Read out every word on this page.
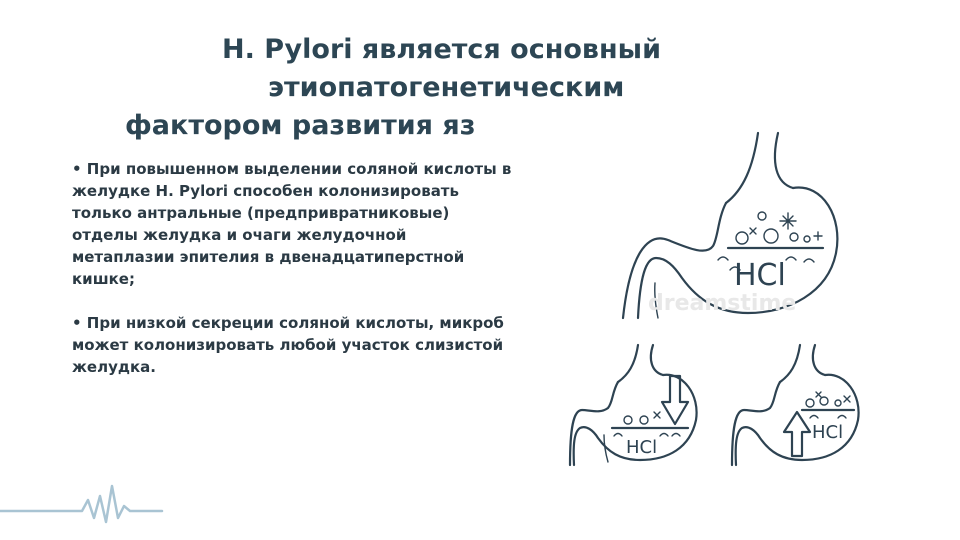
H. Pylori является основный
этиопатогенетическим
фактором развития яз

• При повышенном выделении соляной кислоты в желудке H. Pylori способен колонизировать только антральные (предпривратниковые) отделы желудка и очаги желудочной метаплазии эпителия в двенадцатиперстной кишке;

• При низкой секреции соляной кислоты, микроб может колонизировать любой участок слизистой желудка.

HCl
dreamstime
HCl
HCl
